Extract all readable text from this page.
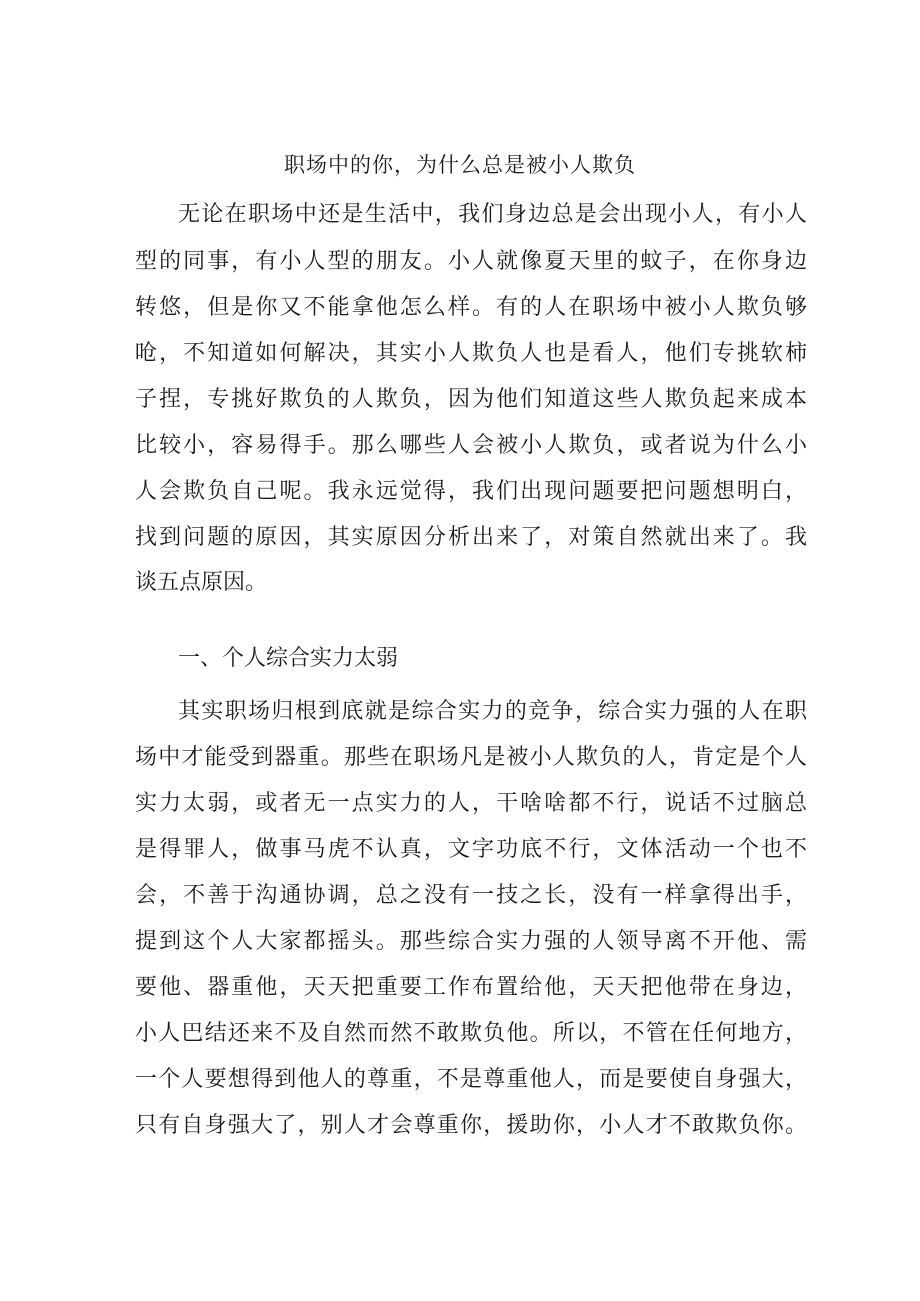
职场中的你，为什么总是被小人欺负
无论在职场中还是生活中，我们身边总是会出现小人，有小人
型的同事，有小人型的朋友。小人就像夏天里的蚊子，在你身边
转悠，但是你又不能拿他怎么样。有的人在职场中被小人欺负够
呛，不知道如何解决，其实小人欺负人也是看人，他们专挑软柿
子捏，专挑好欺负的人欺负，因为他们知道这些人欺负起来成本
比较小，容易得手。那么哪些人会被小人欺负，或者说为什么小
人会欺负自己呢。我永远觉得，我们出现问题要把问题想明白，
找到问题的原因，其实原因分析出来了，对策自然就出来了。我
谈五点原因。
一、个人综合实力太弱
其实职场归根到底就是综合实力的竞争，综合实力强的人在职
场中才能受到器重。那些在职场凡是被小人欺负的人，肯定是个人
实力太弱，或者无一点实力的人，干啥啥都不行，说话不过脑总
是得罪人，做事马虎不认真，文字功底不行，文体活动一个也不
会，不善于沟通协调，总之没有一技之长，没有一样拿得出手，
提到这个人大家都摇头。那些综合实力强的人领导离不开他、需
要他、器重他，天天把重要工作布置给他，天天把他带在身边，
小人巴结还来不及自然而然不敢欺负他。所以，不管在任何地方，
一个人要想得到他人的尊重，不是尊重他人，而是要使自身强大，
只有自身强大了，别人才会尊重你，援助你，小人才不敢欺负你。
